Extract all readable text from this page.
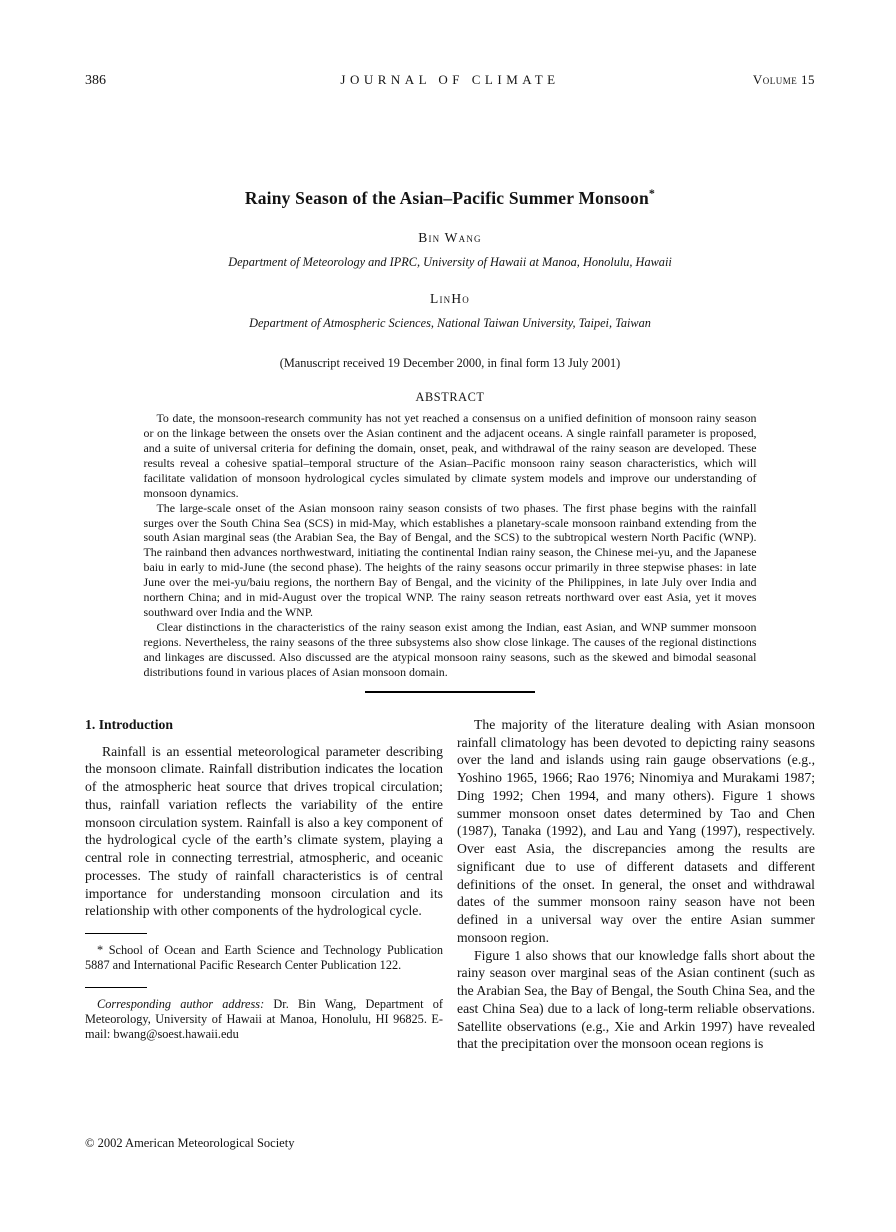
386	JOURNAL OF CLIMATE	Volume 15
Rainy Season of the Asian–Pacific Summer Monsoon*
Bin Wang
Department of Meteorology and IPRC, University of Hawaii at Manoa, Honolulu, Hawaii
LinHo
Department of Atmospheric Sciences, National Taiwan University, Taipei, Taiwan
(Manuscript received 19 December 2000, in final form 13 July 2001)
ABSTRACT

To date, the monsoon-research community has not yet reached a consensus on a unified definition of monsoon rainy season or on the linkage between the onsets over the Asian continent and the adjacent oceans. A single rainfall parameter is proposed, and a suite of universal criteria for defining the domain, onset, peak, and withdrawal of the rainy season are developed. These results reveal a cohesive spatial–temporal structure of the Asian–Pacific monsoon rainy season characteristics, which will facilitate validation of monsoon hydrological cycles simulated by climate system models and improve our understanding of monsoon dynamics.

The large-scale onset of the Asian monsoon rainy season consists of two phases. The first phase begins with the rainfall surges over the South China Sea (SCS) in mid-May, which establishes a planetary-scale monsoon rainband extending from the south Asian marginal seas (the Arabian Sea, the Bay of Bengal, and the SCS) to the subtropical western North Pacific (WNP). The rainband then advances northwestward, initiating the continental Indian rainy season, the Chinese mei-yu, and the Japanese baiu in early to mid-June (the second phase). The heights of the rainy seasons occur primarily in three stepwise phases: in late June over the mei-yu/baiu regions, the northern Bay of Bengal, and the vicinity of the Philippines, in late July over India and northern China; and in mid-August over the tropical WNP. The rainy season retreats northward over east Asia, yet it moves southward over India and the WNP.

Clear distinctions in the characteristics of the rainy season exist among the Indian, east Asian, and WNP summer monsoon regions. Nevertheless, the rainy seasons of the three subsystems also show close linkage. The causes of the regional distinctions and linkages are discussed. Also discussed are the atypical monsoon rainy seasons, such as the skewed and bimodal seasonal distributions found in various places of Asian monsoon domain.

1. Introduction

Rainfall is an essential meteorological parameter describing the monsoon climate. Rainfall distribution indicates the location of the atmospheric heat source that drives tropical circulation; thus, rainfall variation reflects the variability of the entire monsoon circulation system. Rainfall is also a key component of the hydrological cycle of the earth’s climate system, playing a central role in connecting terrestrial, atmospheric, and oceanic processes. The study of rainfall characteristics is of central importance for understanding monsoon circulation and its relationship with other components of the hydrological cycle.

* School of Ocean and Earth Science and Technology Publication 5887 and International Pacific Research Center Publication 122.

Corresponding author address: Dr. Bin Wang, Department of Meteorology, University of Hawaii at Manoa, Honolulu, HI 96825. E-mail: bwang@soest.hawaii.edu

The majority of the literature dealing with Asian monsoon rainfall climatology has been devoted to depicting rainy seasons over the land and islands using rain gauge observations (e.g., Yoshino 1965, 1966; Rao 1976; Ninomiya and Murakami 1987; Ding 1992; Chen 1994, and many others). Figure 1 shows summer monsoon onset dates determined by Tao and Chen (1987), Tanaka (1992), and Lau and Yang (1997), respectively. Over east Asia, the discrepancies among the results are significant due to use of different datasets and different definitions of the onset. In general, the onset and withdrawal dates of the summer monsoon rainy season have not been defined in a universal way over the entire Asian summer monsoon region.

Figure 1 also shows that our knowledge falls short about the rainy season over marginal seas of the Asian continent (such as the Arabian Sea, the Bay of Bengal, the South China Sea, and the east China Sea) due to a lack of long-term reliable observations. Satellite observations (e.g., Xie and Arkin 1997) have revealed that the precipitation over the monsoon ocean regions is

© 2002 American Meteorological Society
